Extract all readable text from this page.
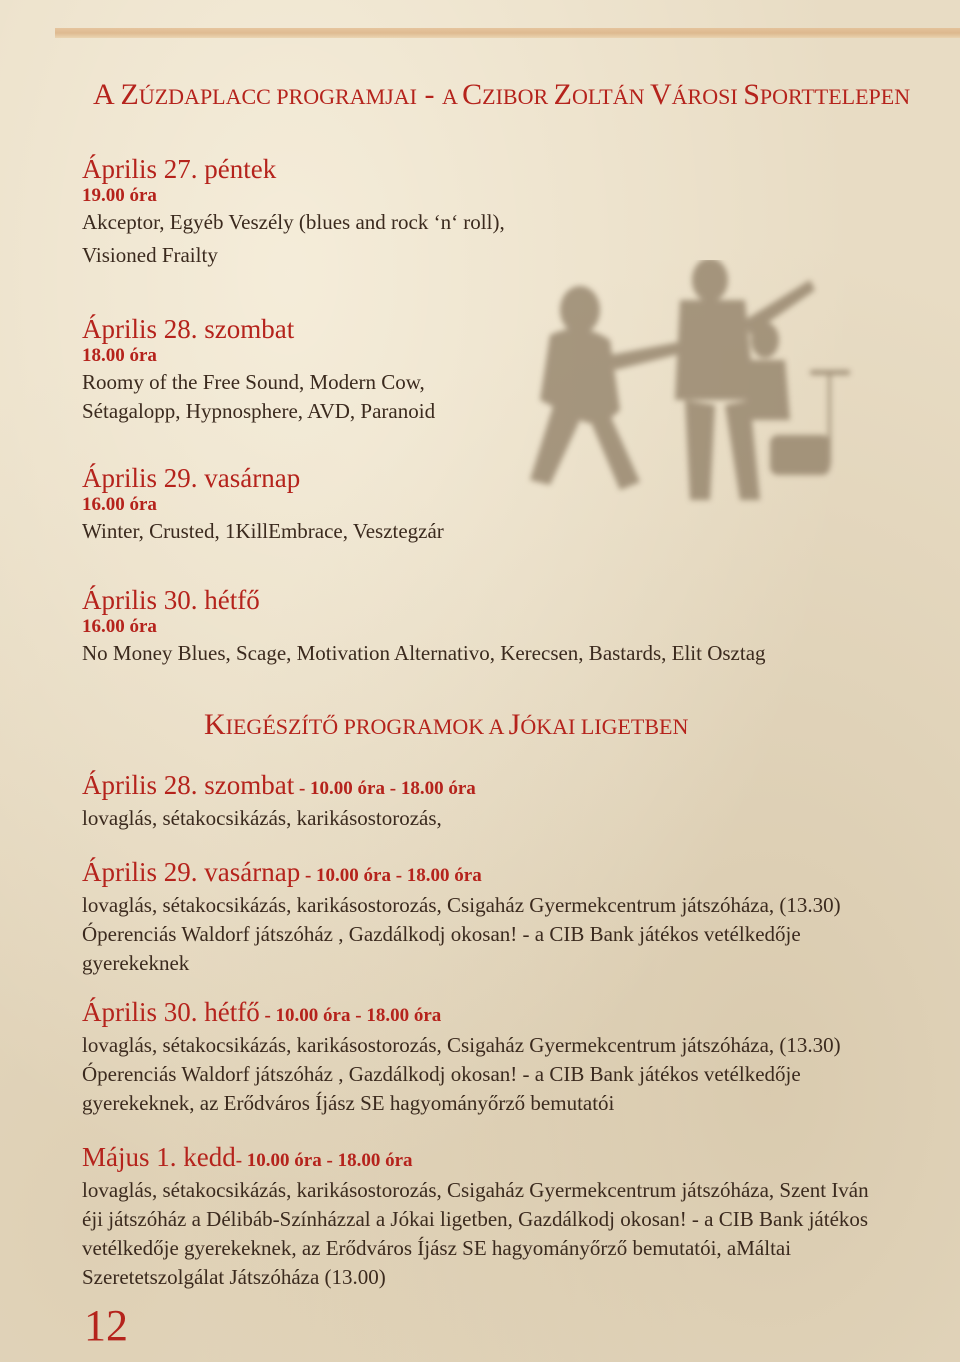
A ZÚZDAPLACC PROGRAMJAI - A CZIBOR ZOLTÁN VÁROSI SPORTTELEPEN
Április 27. péntek
19.00 óra
Akceptor, Egyéb Veszély (blues and rock ‘n‘ roll),
Visioned Frailty
Április 28. szombat
18.00 óra
Roomy of the Free Sound, Modern Cow,
Sétagalopp, Hypnosphere, AVD, Paranoid
Április 29. vasárnap
16.00 óra
Winter, Crusted, 1KillEmbrace, Vesztegzár
Április 30. hétfő
16.00 óra
No Money Blues, Scage, Motivation Alternativo, Kerecsen, Bastards, Elit Osztag
KIEGÉSZÍTŐ PROGRAMOK A JÓKAI LIGETBEN
Április 28. szombat - 10.00 óra - 18.00 óra
lovaglás, sétakocsikázás, karikásostorozás,
Április 29. vasárnap - 10.00 óra - 18.00 óra
lovaglás, sétakocsikázás, karikásostorozás, Csigaház Gyermekcentrum játszóháza, (13.30) Óperenciás Waldorf játszóház , Gazdálkodj okosan! - a CIB Bank játékos vetélkedője gyerekeknek
Április 30. hétfő - 10.00 óra - 18.00 óra
lovaglás, sétakocsikázás, karikásostorozás, Csigaház Gyermekcentrum játszóháza, (13.30) Óperenciás Waldorf játszóház , Gazdálkodj okosan! - a CIB Bank játékos vetélkedője gyerekeknek, az Erődváros Íjász SE hagyományőrző bemutatói
Május 1. kedd- 10.00 óra - 18.00 óra
lovaglás, sétakocsikázás, karikásostorozás, Csigaház Gyermekcentrum játszóháza, Szent Iván éji játszóház a Délibáb-Színházzal a Jókai ligetben, Gazdálkodj okosan! - a CIB Bank játékos vetélkedője gyerekeknek, az Erődváros Íjász SE hagyományőrző bemutatói, aMáltai Szeretetszolgálat Játszóháza (13.00)
12
